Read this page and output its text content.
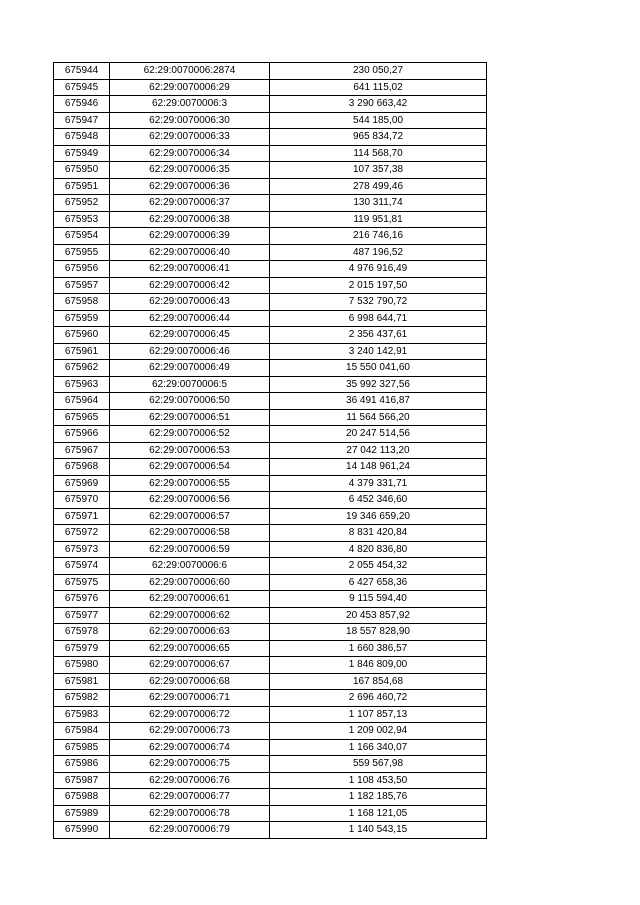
675944	62:29:0070006:2874	230 050,27
675945	62:29:0070006:29	641 115,02
675946	62:29:0070006:3	3 290 663,42
675947	62:29:0070006:30	544 185,00
675948	62:29:0070006:33	965 834,72
675949	62:29:0070006:34	114 568,70
675950	62:29:0070006:35	107 357,38
675951	62:29:0070006:36	278 499,46
675952	62:29:0070006:37	130 311,74
675953	62:29:0070006:38	119 951,81
675954	62:29:0070006:39	216 746,16
675955	62:29:0070006:40	487 196,52
675956	62:29:0070006:41	4 976 916,49
675957	62:29:0070006:42	2 015 197,50
675958	62:29:0070006:43	7 532 790,72
675959	62:29:0070006:44	6 998 644,71
675960	62:29:0070006:45	2 356 437,61
675961	62:29:0070006:46	3 240 142,91
675962	62:29:0070006:49	15 550 041,60
675963	62:29:0070006:5	35 992 327,56
675964	62:29:0070006:50	36 491 416,87
675965	62:29:0070006:51	11 564 566,20
675966	62:29:0070006:52	20 247 514,56
675967	62:29:0070006:53	27 042 113,20
675968	62:29:0070006:54	14 148 961,24
675969	62:29:0070006:55	4 379 331,71
675970	62:29:0070006:56	6 452 346,60
675971	62:29:0070006:57	19 346 659,20
675972	62:29:0070006:58	8 831 420,84
675973	62:29:0070006:59	4 820 836,80
675974	62:29:0070006:6	2 055 454,32
675975	62:29:0070006:60	6 427 658,36
675976	62:29:0070006:61	9 115 594,40
675977	62:29:0070006:62	20 453 857,92
675978	62:29:0070006:63	18 557 828,90
675979	62:29:0070006:65	1 660 386,57
675980	62:29:0070006:67	1 846 809,00
675981	62:29:0070006:68	167 854,68
675982	62:29:0070006:71	2 696 460,72
675983	62:29:0070006:72	1 107 857,13
675984	62:29:0070006:73	1 209 002,94
675985	62:29:0070006:74	1 166 340,07
675986	62:29:0070006:75	559 567,98
675987	62:29:0070006:76	1 108 453,50
675988	62:29:0070006:77	1 182 185,76
675989	62:29:0070006:78	1 168 121,05
675990	62:29:0070006:79	1 140 543,15
